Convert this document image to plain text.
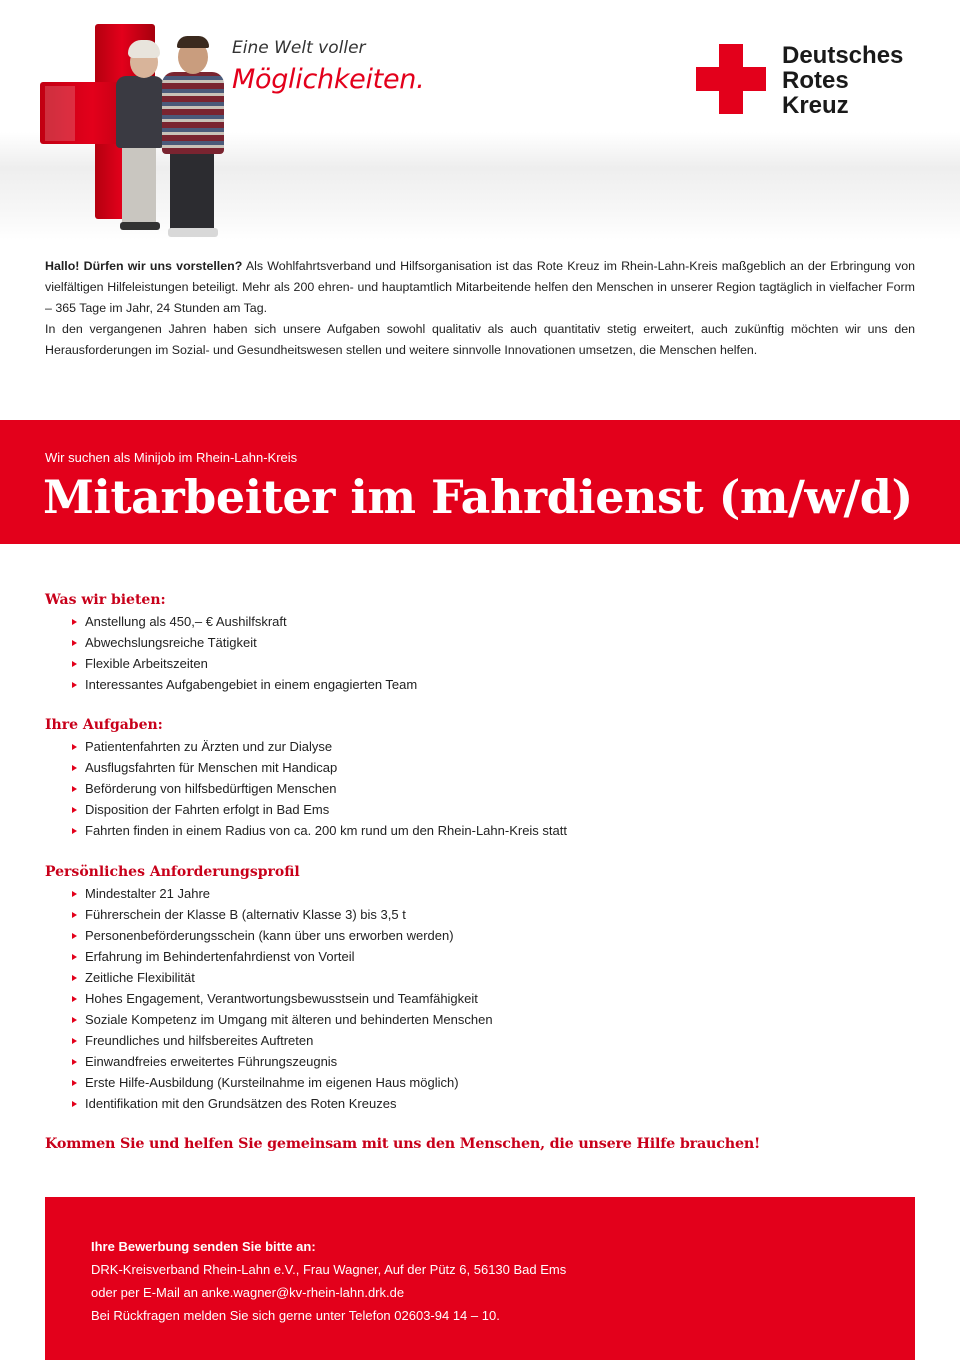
Eine Welt voller
Möglichkeiten.
Deutsches
Rotes
Kreuz

Hallo! Dürfen wir uns vorstellen? Als Wohlfahrtsverband und Hilfsorganisation ist das Rote Kreuz im Rhein-Lahn-Kreis maßgeblich an der Erbringung von vielfältigen Hilfeleistungen beteiligt. Mehr als 200 ehren- und hauptamtlich Mitarbeitende helfen den Menschen in unserer Region tagtäglich in vielfacher Form – 365 Tage im Jahr, 24 Stunden am Tag.

In den vergangenen Jahren haben sich unsere Aufgaben sowohl qualitativ als auch quantitativ stetig erweitert, auch zukünftig möchten wir uns den Herausforderungen im Sozial- und Gesundheitswesen stellen und weitere sinnvolle Innovationen umsetzen, die Menschen helfen.

Wir suchen als Minijob im Rhein-Lahn-Kreis
Mitarbeiter im Fahrdienst (m/w/d)
Was wir bieten:
Anstellung als 450,– € Aushilfskraft
Abwechslungsreiche Tätigkeit
Flexible Arbeitszeiten
Interessantes Aufgabengebiet in einem engagierten Team
Ihre Aufgaben:
Patientenfahrten zu Ärzten und zur Dialyse
Ausflugsfahrten für Menschen mit Handicap
Beförderung von hilfsbedürftigen Menschen
Disposition der Fahrten erfolgt in Bad Ems
Fahrten finden in einem Radius von ca. 200 km rund um den Rhein-Lahn-Kreis statt
Persönliches Anforderungsprofil
Mindestalter 21 Jahre
Führerschein der Klasse B (alternativ Klasse 3) bis 3,5 t
Personenbeförderungsschein (kann über uns erworben werden)
Erfahrung im Behindertenfahrdienst von Vorteil
Zeitliche Flexibilität
Hohes Engagement, Verantwortungsbewusstsein und Teamfähigkeit
Soziale Kompetenz im Umgang mit älteren und behinderten Menschen
Freundliches und hilfsbereites Auftreten
Einwandfreies erweitertes Führungszeugnis
Erste Hilfe-Ausbildung (Kursteilnahme im eigenen Haus möglich)
Identifikation mit den Grundsätzen des Roten Kreuzes
Kommen Sie und helfen Sie gemeinsam mit uns den Menschen, die unsere Hilfe brauchen!
Ihre Bewerbung senden Sie bitte an:
DRK-Kreisverband Rhein-Lahn e.V., Frau Wagner, Auf der Pütz 6, 56130 Bad Ems
oder per E-Mail an anke.wagner@kv-rhein-lahn.drk.de
Bei Rückfragen melden Sie sich gerne unter Telefon 02603-94 14 – 10.
